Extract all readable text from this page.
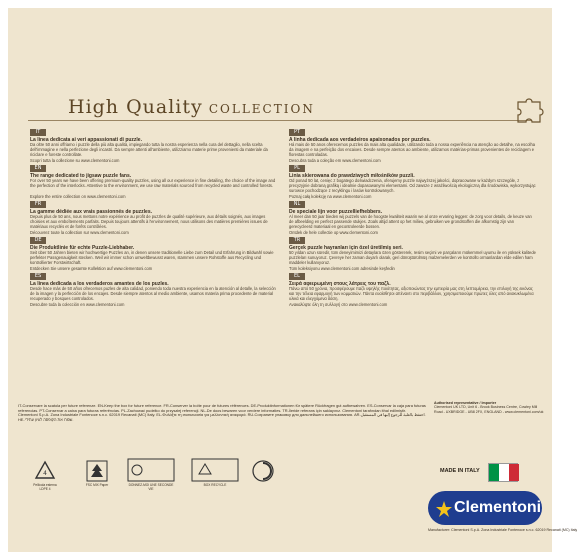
High Quality COLLECTION
IT
La linea dedicata ai veri appassionati di puzzle.
Da oltre 50 anni offriamo i puzzle della più alta qualità, impiegando tutta la nostra esperienza nella cura del dettaglio, nella scelta dell'immagine e nella perfezione degli incastri. Da sempre attenti all'ambiente, utilizziamo materie prime provenienti da materiale da riciclare e foreste controllate.
Scopri tutta la collezione su www.clementoni.com
EN
The range dedicated to jigsaw puzzle fans.
For over 50 years we have been offering premium-quality puzzles, using all our experience in fine detailing, the choice of the image and the perfection of the interlocks. Attentive to the environment, we use raw materials sourced from recycled waste and controlled forests.
Explore the entire collection on www.clementoni.com
FR
La gamme dédiée aux vrais passionnés de puzzles.
Depuis plus de 50 ans, nous mettons notre expérience au profit de puzzles de qualité supérieure, aux détails soignés, aux images choisies et aux emboîtements parfaits. Depuis toujours attentifs à l'environnement, nous utilisons des matières premières issues de matériaux recyclés et de forêts contrôlées.
Découvrez toute la collection sur www.clementoni.com
DE
Die Produktlinie für echte Puzzle-Liebhaber.
Seit über 50 Jahren bieten wir hochwertige Puzzles an, in denen unsere traditionelle Liebe zum Detail und Erfahrung in Bildwahl sowie perfekter Passgenauigkeit stecken. Weil wir immer schon umweltbewusst waren, stammen unsere Rohstoffe aus Recycling und kontrollierter Forstwirtschaft.
Entdecken Sie unsere gesamte Kollektion auf www.clementoni.com
ES
La línea dedicada a los verdaderos amantes de los puzles.
Desde hace más de 50 años ofrecemos puzles de alta calidad, poniendo toda nuestra experiencia en la atención al detalle, la selección de la imagen y la perfección de los encajes. Desde siempre atentos al medio ambiente, usamos materia prima procedente de material recuperado y bosques controlados.
Descubre toda la colección en www.clementoni.com
PT
A linha dedicada aos verdadeiros apaixonados por puzzles.
Há mais de 50 anos oferecemos puzzles da mais alta qualidade, utilizando toda a nossa experiência na atenção ao detalhe, na escolha da imagem e na perfeição dos encaixes. Desde sempre atentos ao ambiente, utilizamos matérias-primas provenientes de reciclagem e florestas controladas.
Descubra toda a coleção em www.clementoni.com
PL
Linia skierowana do prawdziwych miłośników puzzli.
Od ponad 50 lat, cenięc z bogatego doświadczenia, oferujemy puzzle najwyższej jakości, dopracowane w każdym szczególe, z precyzyjnie dobraną grafiką i idealnie dopasowanymi elementami. Od zawsze z wrażliwością ekologiczną dla środowiska, wykorzystując surowce pochodzące z recyklingu i lasów kontrolowanych.
Poznaj całą kolekcję na www.clementoni.com
NL
De speciale lijn voor puzzelliefhebbers.
Al meer dan 50 jaar bieden wij puzzels van de hoogste kwaliteit waarin we al onze ervaring leggen: de zorg voor details, de keuze van de afbeelding en perfect passende stukjes. Zoals altijd attent op het milieu, gebruiken we grondstoffen die afkomstig zijn van gerecycleerd materiaal en gecontroleerde bossen.
Ontdek de hele collectie op www.clementoni.com
TR
Gerçek puzzle hayranları için özel üretilmiş seri.
50 yıldan uzun süredir, tüm deneyimimizi detaylara özen göstererek, resim seçimi ve parçaların mükemmel uyumu ile en yüksek kalitede puzzleları sunuyoruz. Çevreye her zaman duyarlı olarak, geri dönüştürülmüş malzemelerden ve kontrollü ormanlardan elde edilen ham maddeler kullanıyoruz.
Tüm koleksiyonu www.clementoni.com adresinde keşfedin
EL
Σειρά αφιερωμένη στους λάτρεις του παζλ.
Πάνω από 50 χρόνια, προσφέρουμε παζλ υψηλής ποιότητας, αξιοποιώντας την εμπειρία μας στη λεπτομέρεια, την επιλογή της εικόνας και την τέλεια εφαρμογή των κομματιών. Πάντα ευαίσθητοι απέναντι στο περιβάλλον, χρησιμοποιούμε πρώτες ύλες από ανακυκλωμένα υλικά και ελεγχόμενα δάση.
Ανακαλύψτε όλη τη συλλογή στο www.clementoni.com
IT-Conservare la scatola per future referenze. EN-Keep the box for future reference. FR-Conserver la boîte pour de futures références. DE-Produktinformationen für spätere Rückfragen gut aufbewahren. ES-Conservar la caja para futuras referencias. PT-Conservar a caixa para futuras referências. PL-Zachować pudełko do przyszłej referencji. NL-De doos bewaren voor verdere informaties. TR-İleride referans için saklayınız. Clementoni tarafından ithal edilmiştir. Clementoni S.p.A. Zona Industriale Fontenoce s.n.c. 62019 Recanati (MC) Italy. EL-Φυλάξτε τη συσκευασία για μελλοντική αναφορά. RU-Сохраните упаковку для дальнейшего использования. AR-احتفظ بالعلبة للرجوع إليها في المستقبل. HE-שמרו את הקופסה לעיון עתידי.
Authorised representative / Importer
Clementoni UK LTD, Unit 6 - Brook Business Centre, Cowley Mill Road - UXBRIDGE - UB8 2FX, ENGLAND - www.clementoni.com/uk
MADE IN ITALY
Clementoni
Manufacturer: Clementoni S.p.A. Zona Industriale Fontenoce s.n.c. 62019 Recanati (MC) Italy
4
Pellicola esterna LDPE 4
FSC MIX Paper	DONNEZ-MOI UNE SECONDE VIE
BOX RECYCLE
